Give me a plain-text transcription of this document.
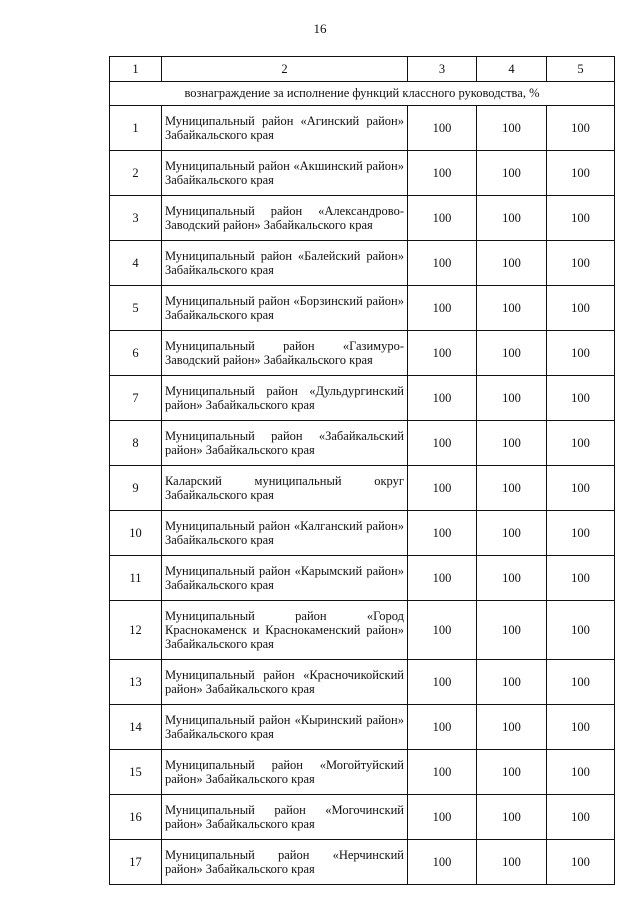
16
1	2	3	4	5
вознаграждение за исполнение функций классного руководства, %				
1	Муниципальный район «Агинский район» Забайкальского края	100	100	100
2	Муниципальный район «Акшинский район» Забайкальского края	100	100	100
3	Муниципальный район «Александрово-Заводский район» Забайкальского края	100	100	100
4	Муниципальный район «Балейский район» Забайкальского края	100	100	100
5	Муниципальный район «Борзинский район» Забайкальского края	100	100	100
6	Муниципальный район «Газимуро-Заводский район» Забайкальского края	100	100	100
7	Муниципальный район «Дульдургинский район» Забайкальского края	100	100	100
8	Муниципальный район «Забайкальский район» Забайкальского края	100	100	100
9	Каларский муниципальный округ Забайкальского края	100	100	100
10	Муниципальный район «Калганский район» Забайкальского края	100	100	100
11	Муниципальный район «Карымский район» Забайкальского края	100	100	100
12	Муниципальный район «Город Краснокаменск и Краснокаменский район» Забайкальского края	100	100	100
13	Муниципальный район «Красночикойский район» Забайкальского края	100	100	100
14	Муниципальный район «Кыринский район» Забайкальского края	100	100	100
15	Муниципальный район «Могойтуйский район» Забайкальского края	100	100	100
16	Муниципальный район «Могочинский район» Забайкальского края	100	100	100
17	Муниципальный район «Нерчинский район» Забайкальского края	100	100	100
